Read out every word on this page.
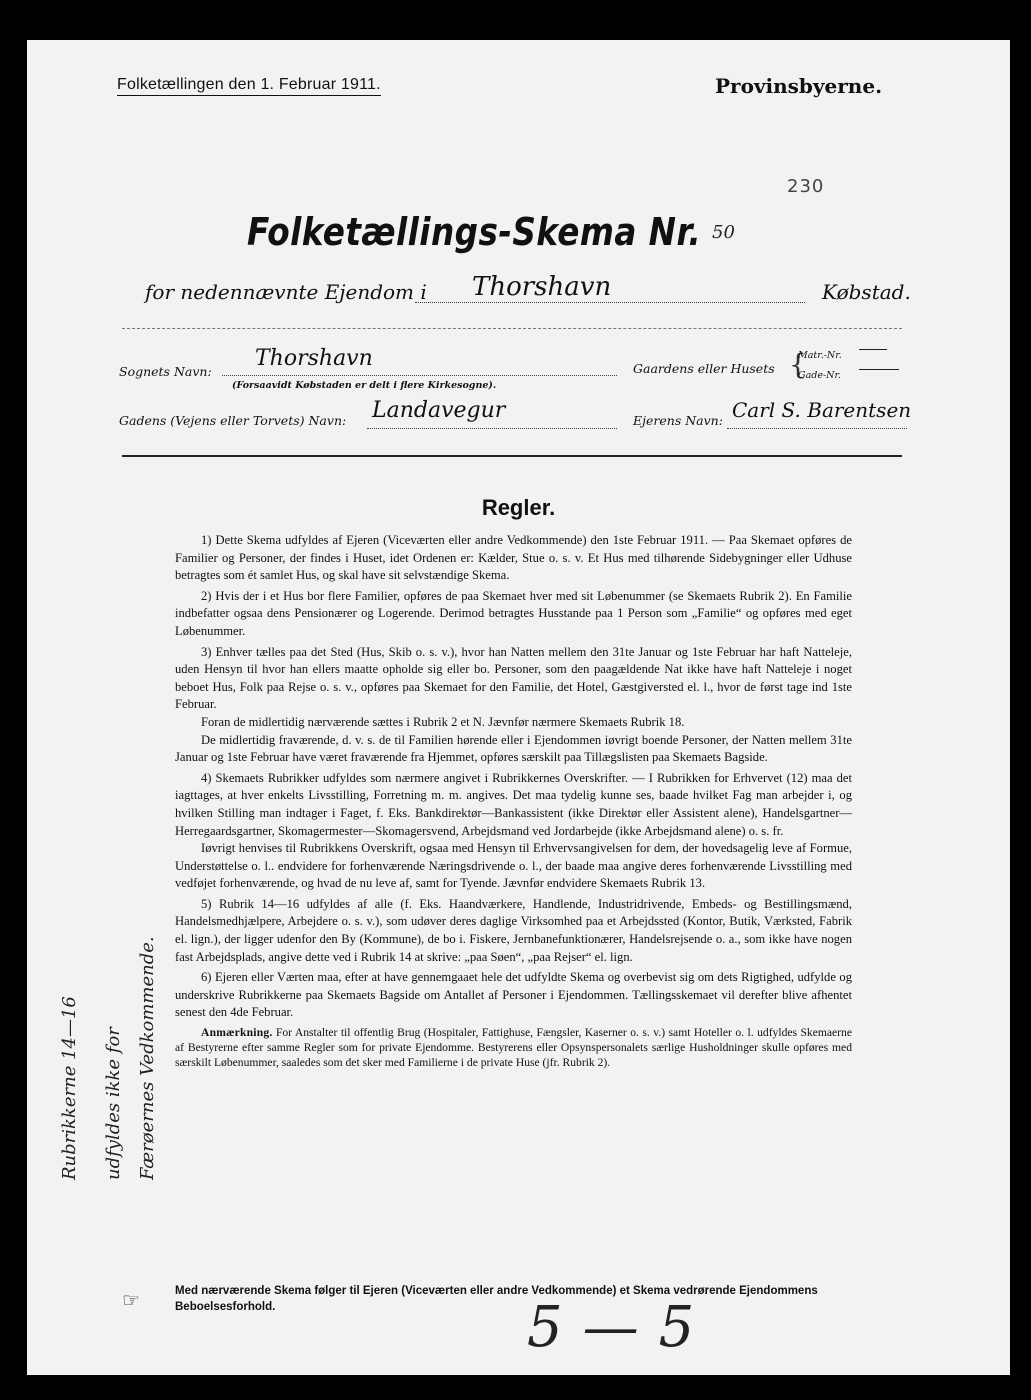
Folketællingen den 1. Februar 1911.	Provinsbyerne.
230
Folketællings-Skema Nr. 50
for nedennævnte Ejendom i Thorshavn	Købstad.
Sognets Navn:
Thorshavn
(Forsaavidt Købstaden er delt i flere Kirkesogne).
Gaardens eller Husets {
Matr.-Nr.
Gade-Nr.
Gadens (Vejens eller Torvets) Navn: Landavegur	Ejerens Navn: Carl S. Barentsen
Regler.

1) Dette Skema udfyldes af Ejeren (Viceværten eller andre Vedkommende) den 1ste Februar 1911. — Paa Skemaet opføres de Familier og Personer, der findes i Huset, idet Ordenen er: Kælder, Stue o. s. v. Et Hus med tilhørende Sidebygninger eller Udhuse betragtes som ét samlet Hus, og skal have sit selvstændige Skema.

2) Hvis der i et Hus bor flere Familier, opføres de paa Skemaet hver med sit Løbenummer (se Skemaets Rubrik 2). En Familie indbefatter ogsaa dens Pensionærer og Logerende. Derimod betragtes Husstande paa 1 Person som „Familie“ og opføres med eget Løbenummer.

3) Enhver tælles paa det Sted (Hus, Skib o. s. v.), hvor han Natten mellem den 31te Januar og 1ste Februar har haft Natteleje, uden Hensyn til hvor han ellers maatte opholde sig eller bo. Personer, som den paagældende Nat ikke have haft Natteleje i noget beboet Hus, Folk paa Rejse o. s. v., opføres paa Skemaet for den Familie, det Hotel, Gæstgiversted el. l., hvor de først tage ind 1ste Februar.

Foran de midlertidig nærværende sættes i Rubrik 2 et N. Jævnfør nærmere Skemaets Rubrik 18.

De midlertidig fraværende, d. v. s. de til Familien hørende eller i Ejendommen iøvrigt boende Personer, der Natten mellem 31te Januar og 1ste Februar have været fraværende fra Hjemmet, opføres særskilt paa Tillægslisten paa Skemaets Bagside.

4) Skemaets Rubrikker udfyldes som nærmere angivet i Rubrikkernes Overskrifter. — I Rubrikken for Erhvervet (12) maa det iagttages, at hver enkelts Livsstilling, Forretning m. m. angives. Det maa tydelig kunne ses, baade hvilket Fag man arbejder i, og hvilken Stilling man indtager i Faget, f. Eks. Bankdirektør—Bankassistent (ikke Direktør eller Assistent alene), Handelsgartner—Herregaardsgartner, Skomagermester—Skomagersvend, Arbejdsmand ved Jordarbejde (ikke Arbejdsmand alene) o. s. fr.

Iøvrigt henvises til Rubrikkens Overskrift, ogsaa med Hensyn til Erhvervsangivelsen for dem, der hovedsagelig leve af Formue, Understøttelse o. l.. endvidere for forhenværende Næringsdrivende o. l., der baade maa angive deres forhenværende Livsstilling med vedføjet forhenværende, og hvad de nu leve af, samt for Tyende. Jævnfør endvidere Skemaets Rubrik 13.

5) Rubrik 14—16 udfyldes af alle (f. Eks. Haandværkere, Handlende, Industridrivende, Embeds- og Bestillingsmænd, Handelsmedhjælpere, Arbejdere o. s. v.), som udøver deres daglige Virksomhed paa et Arbejdssted (Kontor, Butik, Værksted, Fabrik el. lign.), der ligger udenfor den By (Kommune), de bo i. Fiskere, Jernbanefunktionærer, Handelsrejsende o. a., som ikke have nogen fast Arbejdsplads, angive dette ved i Rubrik 14 at skrive: „paa Søen“, „paa Rejser“ el. lign.

6) Ejeren eller Værten maa, efter at have gennemgaaet hele det udfyldte Skema og overbevist sig om dets Rigtighed, udfylde og underskrive Rubrikkerne paa Skemaets Bagside om Antallet af Personer i Ejendommen. Tællingsskemaet vil derefter blive afhentet senest den 4de Februar.

Anmærkning. For Anstalter til offentlig Brug (Hospitaler, Fattighuse, Fængsler, Kaserner o. s. v.) samt Hoteller o. l. udfyldes Skemaerne af Bestyrerne efter samme Regler som for private Ejendomme. Bestyrerens eller Opsynspersonalets særlige Husholdninger skulle opføres med særskilt Løbenummer, saaledes som det sker med Familierne i de private Huse (jfr. Rubrik 2).

Rubrikkerne 14—16 udfyldes ikke for Færøernes Vedkommende.
☞	Med nærværende Skema følger til Ejeren (Viceværten eller andre Vedkommende) et Skema vedrørende Ejendommens Beboelsesforhold.	5—5
